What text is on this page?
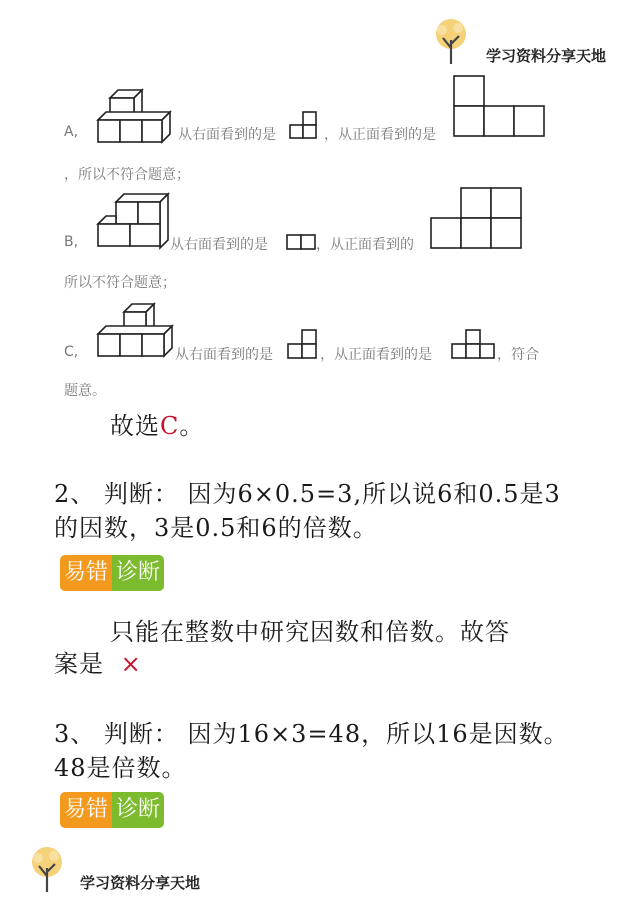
学习资料分享天地
A,	从右面看到的是	，从正面看到的是
，所以不符合题意；
B,	从右面看到的是	，从正面看到的
所以不符合题意；
C,	从右面看到的是	，从正面看到的是	，符合
题意。
故选C。
2、 判断： 因为6×0.5=3,所以说6和0.5是3
的因数，3是0.5和6的倍数。
易错 诊断
只能在整数中研究因数和倍数。故答
案是 ×
3、 判断： 因为16×3=48，所以16是因数。
48是倍数。
易错 诊断
学习资料分享天地
